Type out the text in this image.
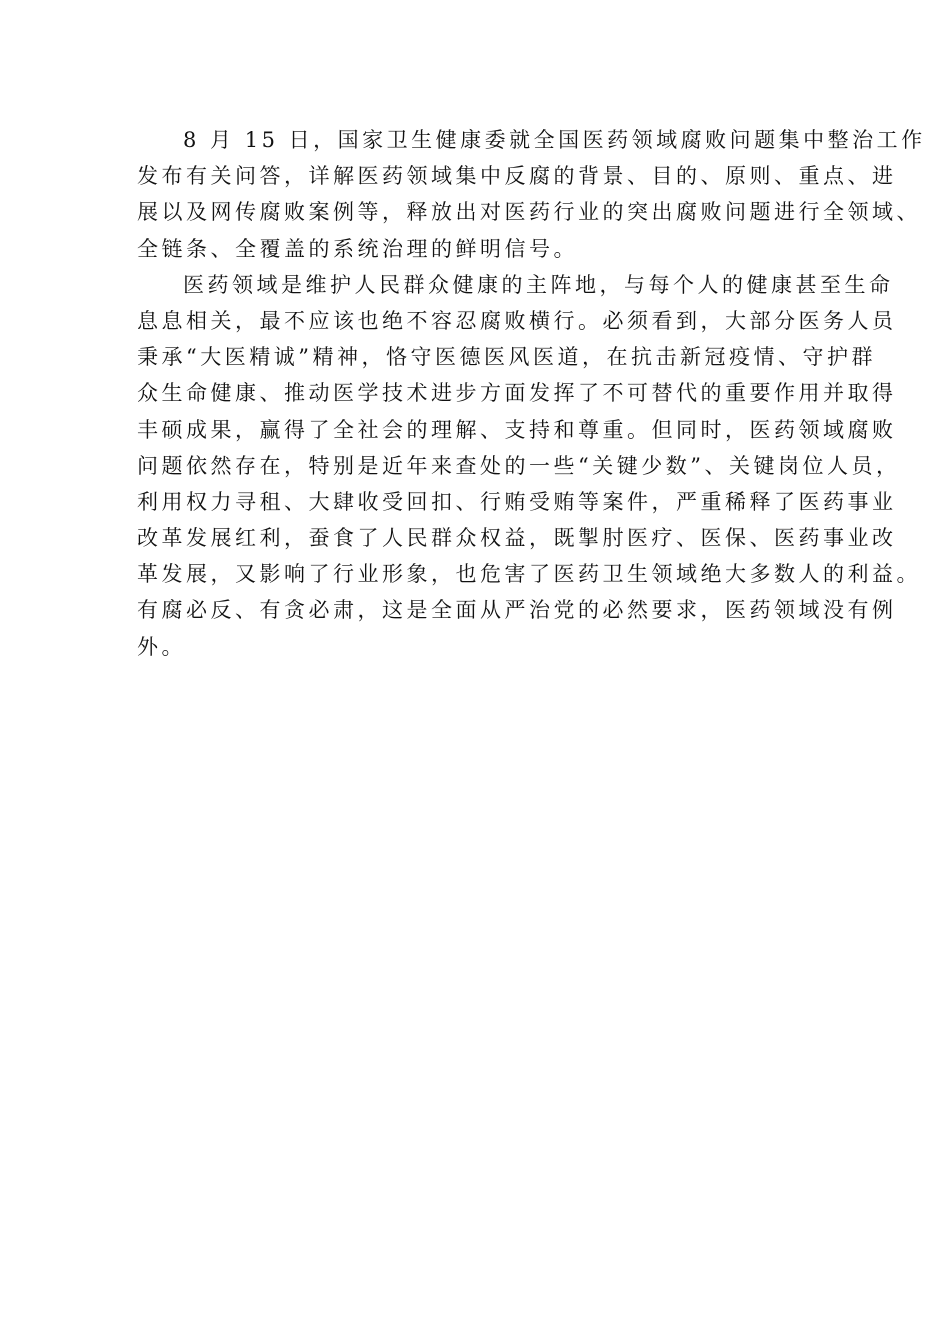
8 月 15 日，国家卫生健康委就全国医药领域腐败问题集中整治工作
发布有关问答，详解医药领域集中反腐的背景、目的、原则、重点、进
展以及网传腐败案例等，释放出对医药行业的突出腐败问题进行全领域、
全链条、全覆盖的系统治理的鲜明信号。
医药领域是维护人民群众健康的主阵地，与每个人的健康甚至生命
息息相关，最不应该也绝不容忍腐败横行。必须看到，大部分医务人员
秉承“大医精诚”精神，恪守医德医风医道，在抗击新冠疫情、守护群
众生命健康、推动医学技术进步方面发挥了不可替代的重要作用并取得
丰硕成果，赢得了全社会的理解、支持和尊重。但同时，医药领域腐败
问题依然存在，特别是近年来查处的一些“关键少数”、关键岗位人员，
利用权力寻租、大肆收受回扣、行贿受贿等案件，严重稀释了医药事业
改革发展红利，蚕食了人民群众权益，既掣肘医疗、医保、医药事业改
革发展，又影响了行业形象，也危害了医药卫生领域绝大多数人的利益。
有腐必反、有贪必肃，这是全面从严治党的必然要求，医药领域没有例
外。
